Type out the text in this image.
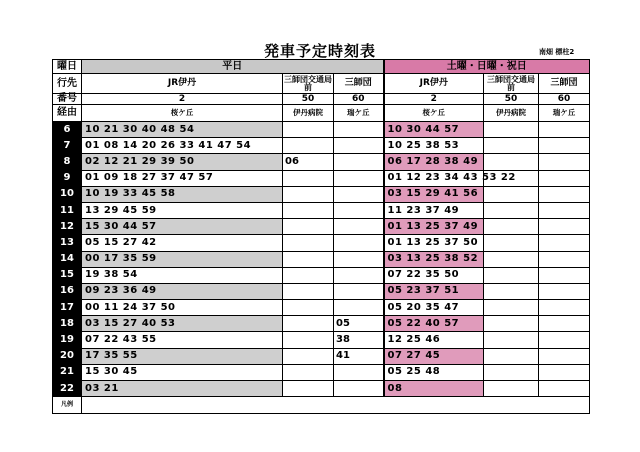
発車予定時刻表	南畑 標柱2
曜日	平日			土曜・日曜・祝日		
行先	JR伊丹	三師団交通局前	三師団	JR伊丹	三師団交通局前	三師団
番号	2	50	60	2	50	60
経由	桜ケ丘	伊丹病院	瑞ケ丘	桜ケ丘	伊丹病院	瑞ケ丘
6	10 21 30 40 48 54			10 30 44 57		
7	01 08 14 20 26 33 41 47 54			10 25 38 53		
8	02 12 21 29 39 50	06		06 17 28 38 49		
9	01 09 18 27 37 47 57			01 12 23 34 43 53 22		
10	10 19 33 45 58			03 15 29 41 56		
11	13 29 45 59			11 23 37 49		
12	15 30 44 57			01 13 25 37 49		
13	05 15 27 42			01 13 25 37 50		
14	00 17 35 59			03 13 25 38 52		
15	19 38 54			07 22 35 50		
16	09 23 36 49			05 23 37 51		
17	00 11 24 37 50			05 20 35 47		
18	03 15 27 40 53		05	05 22 40 57		
19	07 22 43 55		38	12 25 46		
20	17 35 55		41	07 27 45		
21	15 30 45			05 25 48		
22	03 21			08		
凡例						
